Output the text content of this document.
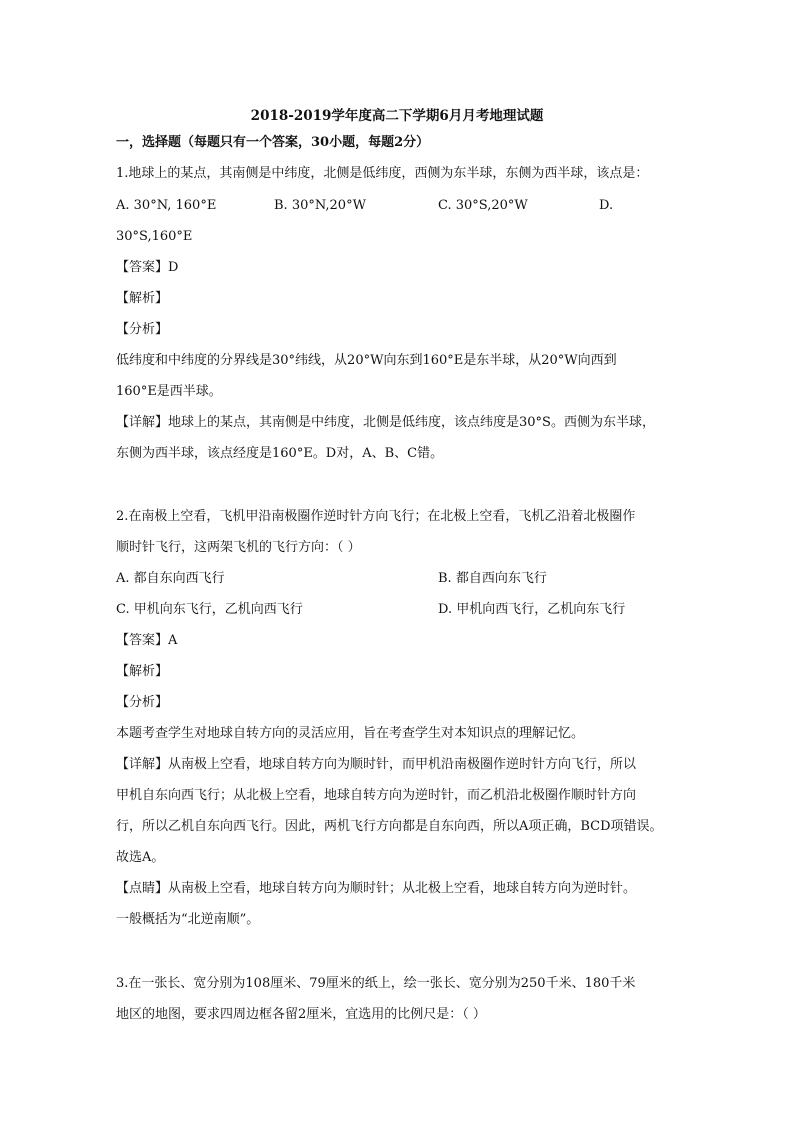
2018-2019学年度高二下学期6月月考地理试题
一，选择题（每题只有一个答案，30小题，每题2分）
1.地球上的某点，其南侧是中纬度，北侧是低纬度，西侧为东半球，东侧为西半球，该点是：
A. 30°N, 160°E	B. 30°N,20°W	C. 30°S,20°W	D.
30°S,160°E
【答案】D
【解析】
【分析】
低纬度和中纬度的分界线是30°纬线，从20°W向东到160°E是东半球，从20°W向西到
160°E是西半球。
【详解】地球上的某点，其南侧是中纬度，北侧是低纬度，该点纬度是30°S。西侧为东半球，
东侧为西半球，该点经度是160°E。D对，A、B、C错。
2.在南极上空看，飞机甲沿南极圈作逆时针方向飞行；在北极上空看，飞机乙沿着北极圈作
顺时针飞行，这两架飞机的飞行方向：（ ）
A. 都自东向西飞行	B. 都自西向东飞行
C. 甲机向东飞行，乙机向西飞行	D. 甲机向西飞行，乙机向东飞行
【答案】A
【解析】
【分析】
本题考查学生对地球自转方向的灵活应用，旨在考查学生对本知识点的理解记忆。
【详解】从南极上空看，地球自转方向为顺时针，而甲机沿南极圈作逆时针方向飞行，所以
甲机自东向西飞行；从北极上空看，地球自转方向为逆时针，而乙机沿北极圈作顺时针方向
行，所以乙机自东向西飞行。因此，两机飞行方向都是自东向西，所以A项正确，BCD项错误。
故选A。
【点睛】从南极上空看，地球自转方向为顺时针；从北极上空看，地球自转方向为逆时针。
一般概括为“北逆南顺”。
3.在一张长、宽分别为108厘米、79厘米的纸上，绘一张长、宽分别为250千米、180千米
地区的地图，要求四周边框各留2厘米，宜选用的比例尺是：（ ）
